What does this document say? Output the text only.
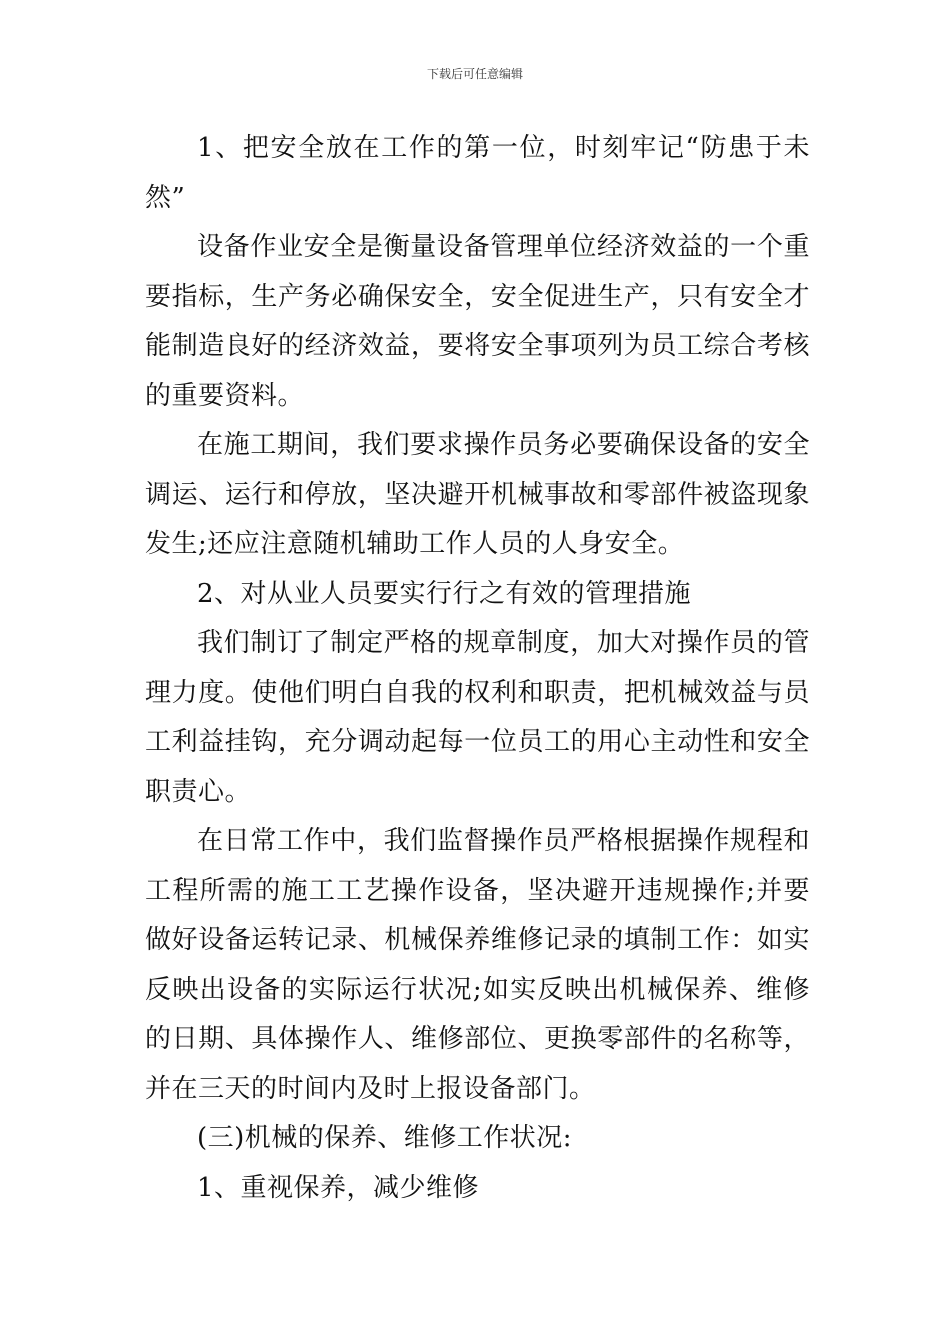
下载后可任意编辑

1、把安全放在工作的第一位，时刻牢记“防患于未然”

设备作业安全是衡量设备管理单位经济效益的一个重要指标，生产务必确保安全，安全促进生产，只有安全才能制造良好的经济效益，要将安全事项列为员工综合考核的重要资料。

在施工期间，我们要求操作员务必要确保设备的安全调运、运行和停放，坚决避开机械事故和零部件被盗现象发生;还应注意随机辅助工作人员的人身安全。

2、对从业人员要实行行之有效的管理措施

我们制订了制定严格的规章制度，加大对操作员的管理力度。使他们明白自我的权利和职责，把机械效益与员工利益挂钩，充分调动起每一位员工的用心主动性和安全职责心。

在日常工作中，我们监督操作员严格根据操作规程和工程所需的施工工艺操作设备，坚决避开违规操作;并要做好设备运转记录、机械保养维修记录的填制工作：如实反映出设备的实际运行状况;如实反映出机械保养、维修的日期、具体操作人、维修部位、更换零部件的名称等，并在三天的时间内及时上报设备部门。

(三)机械的保养、维修工作状况:

1、重视保养，减少维修
